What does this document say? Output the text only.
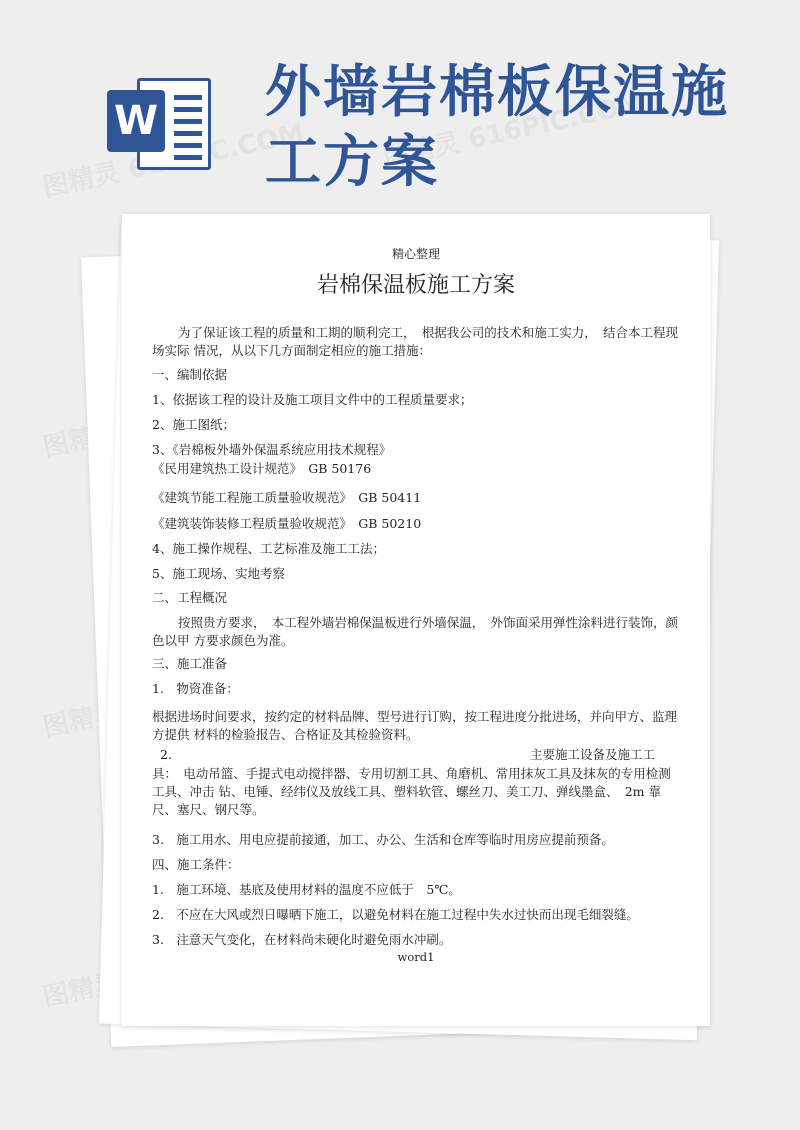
W 外墙岩棉板保温施工方案
精心整理
岩棉保温板施工方案

为了保证该工程的质量和工期的顺利完工，　根据我公司的技术和施工实力，　结合本工程现场实际 情况，从以下几方面制定相应的施工措施：

一、编制依据

1、依据该工程的设计及施工项目文件中的工程质量要求；

2、施工图纸；

3、《岩棉板外墙外保温系统应用技术规程》

《民用建筑热工设计规范》　GB 50176

《建筑节能工程施工质量验收规范》　GB 50411

《建筑装饰装修工程质量验收规范》　GB 50210

4、施工操作规程、工艺标准及施工工法；

5、施工现场、实地考察

二、工程概况

按照贵方要求，　本工程外墙岩棉保温板进行外墙保温，　外饰面采用弹性涂料进行装饰，颜色以甲 方要求颜色为准。

三、施工准备

1.　物资准备：

根据进场时间要求，按约定的材料品牌、型号进行订购，按工程进度分批进场，并向甲方、监理方提供 材料的检验报告、合格证及其检验资料。

2.	主要施工设备及施工工

具：　电动吊篮、手提式电动搅拌器、专用切割工具、角磨机、常用抹灰工具及抹灰的专用检测工具、冲击 钻、电锤、经纬仪及放线工具、塑料软管、螺丝刀、美工刀、弹线墨盒、　2m 靠尺、塞尺、钢尺等。

3.　施工用水、用电应提前接通，加工、办公、生活和仓库等临时用房应提前预备。

四、施工条件：

1.　施工环境、基底及使用材料的温度不应低于　5℃。

2.　不应在大风或烈日曝晒下施工，以避免材料在施工过程中失水过快而出现毛细裂缝。

3.　注意天气变化，在材料尚未硬化时避免雨水冲刷。

word1
